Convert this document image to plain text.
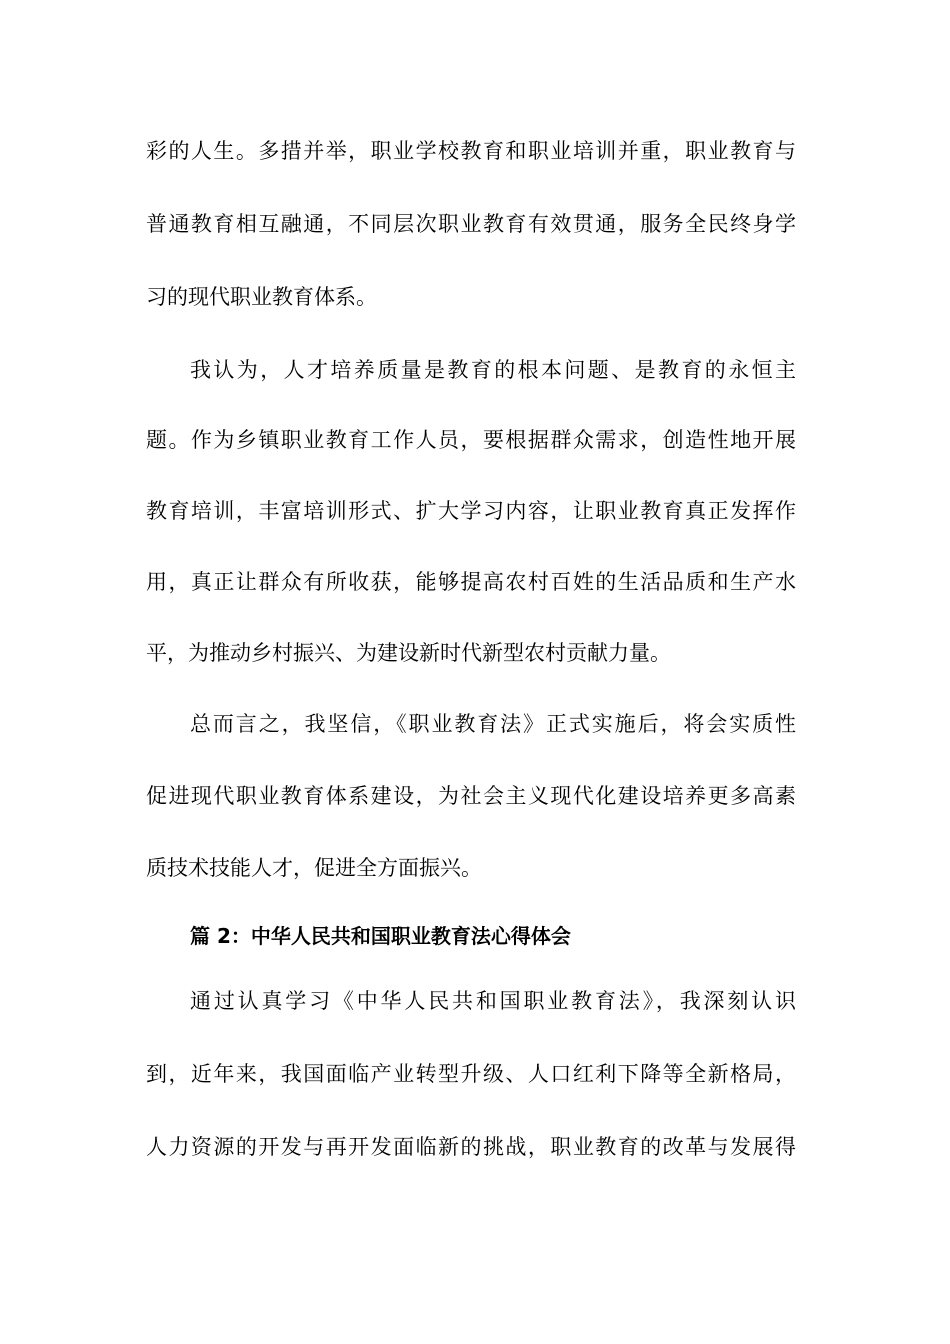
彩的人生。多措并举，职业学校教育和职业培训并重，职业教育与
普通教育相互融通，不同层次职业教育有效贯通，服务全民终身学
习的现代职业教育体系。
我认为，人才培养质量是教育的根本问题、是教育的永恒主
题。作为乡镇职业教育工作人员，要根据群众需求，创造性地开展
教育培训，丰富培训形式、扩大学习内容，让职业教育真正发挥作
用，真正让群众有所收获，能够提高农村百姓的生活品质和生产水
平，为推动乡村振兴、为建设新时代新型农村贡献力量。
总而言之，我坚信，《职业教育法》正式实施后，将会实质性
促进现代职业教育体系建设，为社会主义现代化建设培养更多高素
质技术技能人才，促进全方面振兴。
篇 2：中华人民共和国职业教育法心得体会
通过认真学习《中华人民共和国职业教育法》，我深刻认识
到，近年来，我国面临产业转型升级、人口红利下降等全新格局，
人力资源的开发与再开发面临新的挑战，职业教育的改革与发展得
